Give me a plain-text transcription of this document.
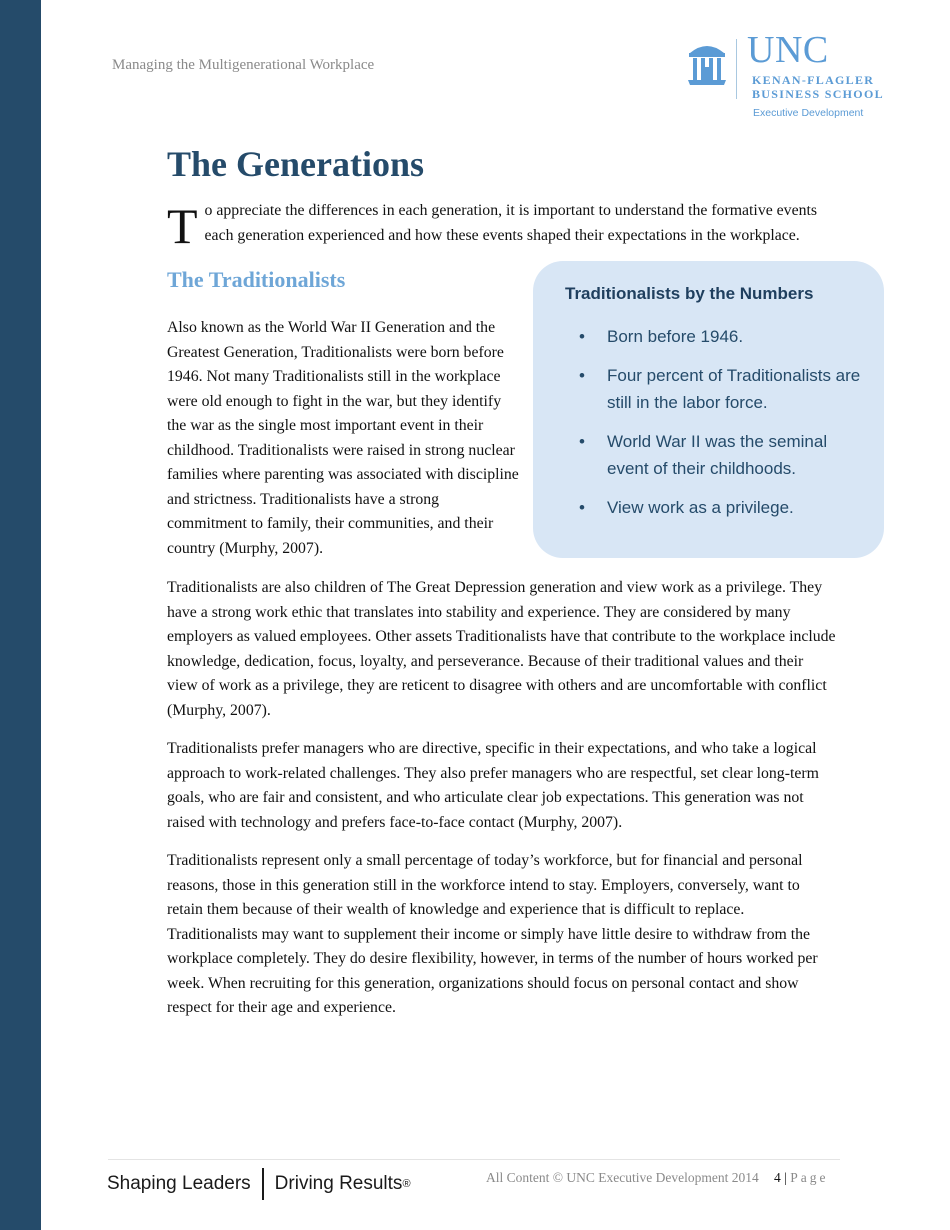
Managing the Multigenerational Workplace	UNC
KENAN-FLAGLER
BUSINESS SCHOOL
Executive Development
The Generations
To appreciate the differences in each generation, it is important to understand the formative events each generation experienced and how these events shaped their expectations in the workplace.
The Traditionalists

Also known as the World War II Generation and the Greatest Generation, Traditionalists were born before 1946. Not many Traditionalists still in the workplace were old enough to fight in the war, but they identify the war as the single most important event in their childhood. Traditionalists were raised in strong nuclear families where parenting was associated with discipline and strictness. Traditionalists have a strong commitment to family, their communities, and their country (Murphy, 2007).

Traditionalists by the Numbers
• Born before 1946.
• Four percent of Traditionalists are still in the labor force.
• World War II was the seminal event of their childhoods.
• View work as a privilege.

Traditionalists are also children of The Great Depression generation and view work as a privilege. They have a strong work ethic that translates into stability and experience. They are considered by many employers as valued employees. Other assets Traditionalists have that contribute to the workplace include knowledge, dedication, focus, loyalty, and perseverance. Because of their traditional values and their view of work as a privilege, they are reticent to disagree with others and are uncomfortable with conflict (Murphy, 2007).

Traditionalists prefer managers who are directive, specific in their expectations, and who take a logical approach to work-related challenges. They also prefer managers who are respectful, set clear long-term goals, who are fair and consistent, and who articulate clear job expectations. This generation was not raised with technology and prefers face-to-face contact (Murphy, 2007).

Traditionalists represent only a small percentage of today’s workforce, but for financial and personal reasons, those in this generation still in the workforce intend to stay. Employers, conversely, want to retain them because of their wealth of knowledge and experience that is difficult to replace. Traditionalists may want to supplement their income or simply have little desire to withdraw from the workplace completely. They do desire flexibility, however, in terms of the number of hours worked per week. When recruiting for this generation, organizations should focus on personal contact and show respect for their age and experience.

Shaping Leaders Driving Results ®	All Content © UNC Executive Development 2014 4 | Page
